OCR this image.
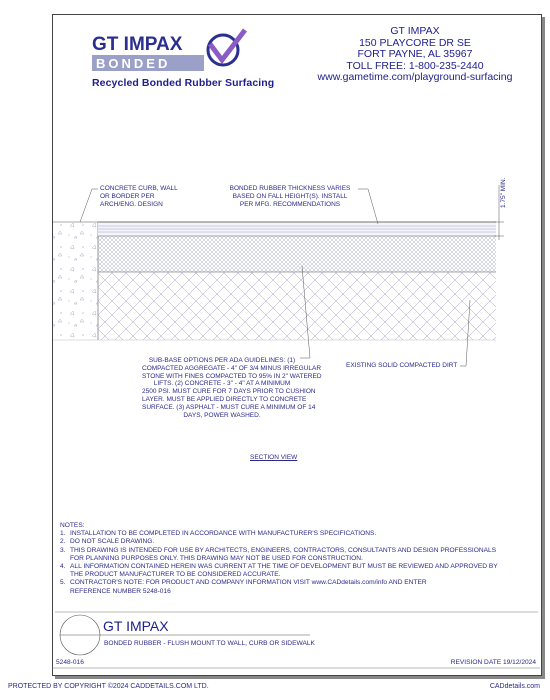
GT IMPAX
BONDED
1.75" MIN.
Recycled Bonded Rubber Surfacing
GT IMPAX
150 PLAYCORE DR SE
FORT PAYNE, AL 35967
TOLL FREE: 1-800-235-2440
www.gametime.com/playground-surfacing
CONCRETE CURB, WALL
OR BORDER PER
ARCH/ENG. DESIGN
BONDED RUBBER THICKNESS VARIES
BASED ON FALL HEIGHT(S). INSTALL
PER MFG. RECOMMENDATIONS
SUB-BASE OPTIONS PER ADA GUIDELINES: (1)
COMPACTED AGGREGATE - 4" OF 3/4 MINUS IRREGULAR
STONE WITH FINES COMPACTED TO 95% IN 2" WATERED
LIFTS. (2) CONCRETE - 3" - 4" AT A MINIMUM
2500 PSI. MUST CURE FOR 7 DAYS PRIOR TO CUSHION
LAYER. MUST BE APPLIED DIRECTLY TO CONCRETE
SURFACE. (3) ASPHALT - MUST CURE A MINIMUM OF 14
DAYS, POWER WASHED.
EXISTING SOLID COMPACTED DIRT
SECTION VIEW
NOTES:
1. INSTALLATION TO BE COMPLETED IN ACCORDANCE WITH MANUFACTURER'S SPECIFICATIONS.
2. DO NOT SCALE DRAWING.
3. THIS DRAWING IS INTENDED FOR USE BY ARCHITECTS, ENGINEERS, CONTRACTORS, CONSULTANTS AND DESIGN PROFESSIONALS
FOR PLANNING PURPOSES ONLY. THIS DRAWING MAY NOT BE USED FOR CONSTRUCTION.
4. ALL INFORMATION CONTAINED HEREIN WAS CURRENT AT THE TIME OF DEVELOPMENT BUT MUST BE REVIEWED AND APPROVED BY
THE PRODUCT MANUFACTURER TO BE CONSIDERED ACCURATE.
5. CONTRACTOR'S NOTE: FOR PRODUCT AND COMPANY INFORMATION VISIT www.CADdetails.com/info AND ENTER
REFERENCE NUMBER 5248-016
GT IMPAX
BONDED RUBBER - FLUSH MOUNT TO WALL, CURB OR SIDEWALK
5248-016	REVISION DATE 19/12/2024
PROTECTED BY COPYRIGHT ©2024 CADDETAILS.COM LTD.	CADdetails.com
